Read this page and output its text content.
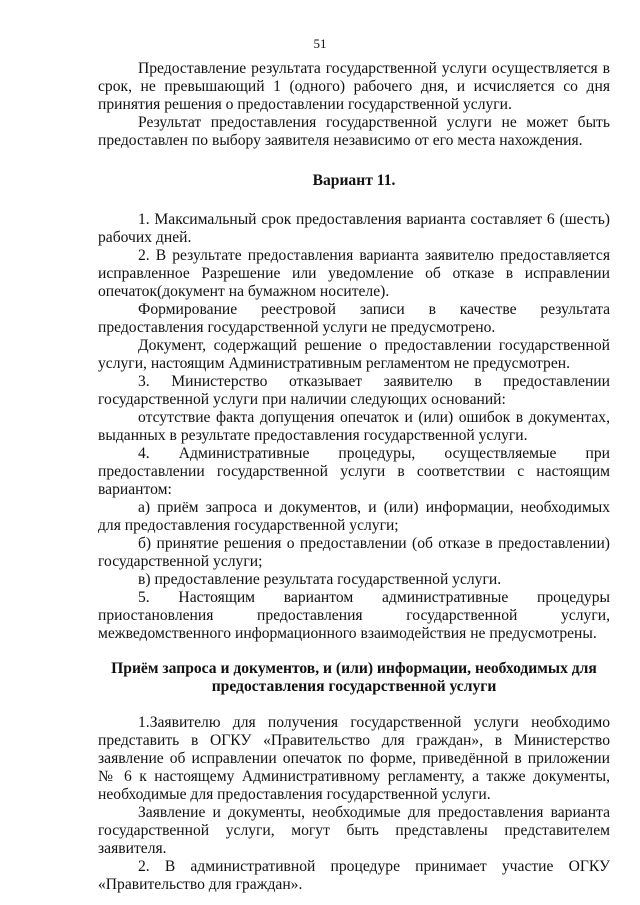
51

Предоставление результата государственной услуги осуществляется в срок, не превышающий 1 (одного) рабочего дня, и исчисляется со дня принятия решения о предоставлении государственной услуги.

Результат предоставления государственной услуги не может быть предоставлен по выбору заявителя независимо от его места нахождения.

Вариант 11.

1. Максимальный срок предоставления варианта составляет 6 (шесть) рабочих дней.

2. В результате предоставления варианта заявителю предоставляется исправленное Разрешение или уведомление об отказе в исправлении опечаток(документ на бумажном носителе).

Формирование реестровой записи в качестве результата предоставления государственной услуги не предусмотрено.

Документ, содержащий решение о предоставлении государственной услуги, настоящим Административным регламентом не предусмотрен.

3. Министерство отказывает заявителю в предоставлении государственной услуги при наличии следующих оснований:

отсутствие факта допущения опечаток и (или) ошибок в документах, выданных в результате предоставления государственной услуги.

4. Административные процедуры, осуществляемые при предоставлении государственной услуги в соответствии с настоящим вариантом:

а) приём запроса и документов, и (или) информации, необходимых для предоставления государственной услуги;

б) принятие решения о предоставлении (об отказе в предоставлении) государственной услуги;

в) предоставление результата государственной услуги.

5. Настоящим вариантом административные процедуры приостановления предоставления государственной услуги, межведомственного информационного взаимодействия не предусмотрены.

Приём запроса и документов, и (или) информации, необходимых для предоставления государственной услуги

1.Заявителю для получения государственной услуги необходимо представить в ОГКУ «Правительство для граждан», в Министерство заявление об исправлении опечаток по форме, приведённой в приложении № 6 к настоящему Административному регламенту, а также документы, необходимые для предоставления государственной услуги.

Заявление и документы, необходимые для предоставления варианта государственной услуги, могут быть представлены представителем заявителя.

2. В административной процедуре принимает участие ОГКУ «Правительство для граждан».
